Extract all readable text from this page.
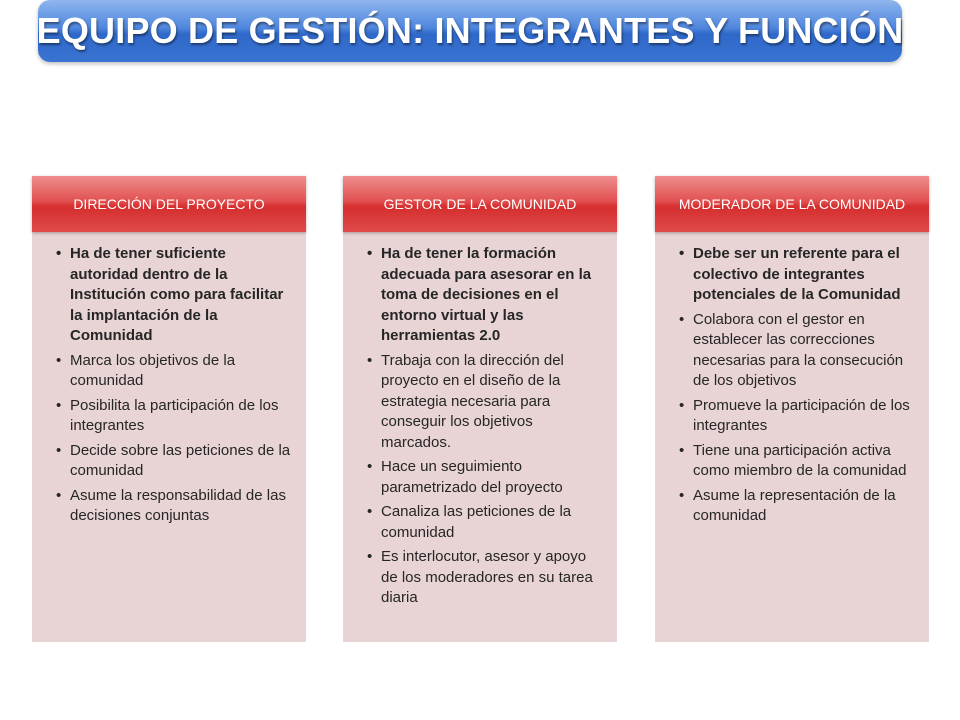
EQUIPO DE GESTIÓN: INTEGRANTES Y FUNCIÓN
DIRECCIÓN DEL PROYECTO
• Ha de tener suficiente autoridad dentro de la Institución como para facilitar la implantación de la Comunidad
• Marca los objetivos de la comunidad
• Posibilita la participación de los integrantes
• Decide sobre las peticiones de la comunidad
• Asume la responsabilidad de las decisiones conjuntas
GESTOR DE LA COMUNIDAD
• Ha de tener la formación adecuada para asesorar en la toma de decisiones en el entorno virtual y las herramientas 2.0
• Trabaja con la dirección del proyecto en el diseño de la estrategia necesaria para conseguir los objetivos marcados.
• Hace un seguimiento parametrizado del proyecto
• Canaliza las peticiones de la comunidad
• Es interlocutor, asesor y apoyo de los moderadores en su tarea diaria
MODERADOR DE LA COMUNIDAD
• Debe ser un referente para el colectivo de integrantes potenciales de la Comunidad
• Colabora con el gestor en establecer las correcciones necesarias para la consecución de los objetivos
• Promueve la participación de los integrantes
• Tiene una participación activa como miembro de la comunidad
• Asume la representación de la comunidad
